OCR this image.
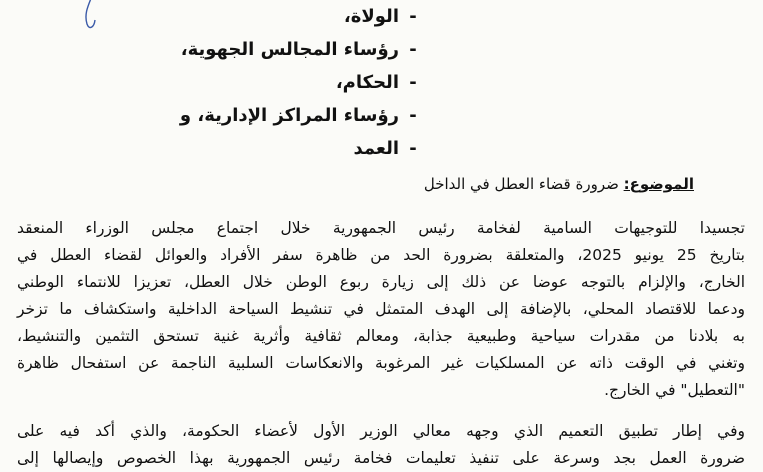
-
الولاة،
-
رؤساء المجالس الجهوية،
-
الحكام،
-
رؤساء المراكز الإدارية، و
-
العمد
الموضوع: ضرورة قضاء العطل في الداخل
تجسيدا للتوجيهات السامية لفخامة رئيس الجمهورية خلال اجتماع مجلس الوزراء المنعقد
بتاريخ 25 يونيو 2025، والمتعلقة بضرورة الحد من ظاهرة سفر الأفراد والعوائل لقضاء العطل في
الخارج، والإلزام بالتوجه عوضا عن ذلك إلى زيارة ربوع الوطن خلال العطل، تعزيزا للانتماء الوطني
ودعما للاقتصاد المحلي، بالإضافة إلى الهدف المتمثل في تنشيط السياحة الداخلية واستكشاف ما تزخر
به بلادنا من مقدرات سياحية وطبيعية جذابة، ومعالم ثقافية وأثرية غنية تستحق التثمين والتنشيط،
وتغني في الوقت ذاته عن المسلكيات غير المرغوبة والانعكاسات السلبية الناجمة عن استفحال ظاهرة
"التعطيل" في الخارج.
وفي إطار تطبيق التعميم الذي وجهه معالي الوزير الأول لأعضاء الحكومة، والذي أكد فيه على
ضرورة العمل بجد وسرعة على تنفيذ تعليمات فخامة رئيس الجمهورية بهذا الخصوص وإيصالها إلى
